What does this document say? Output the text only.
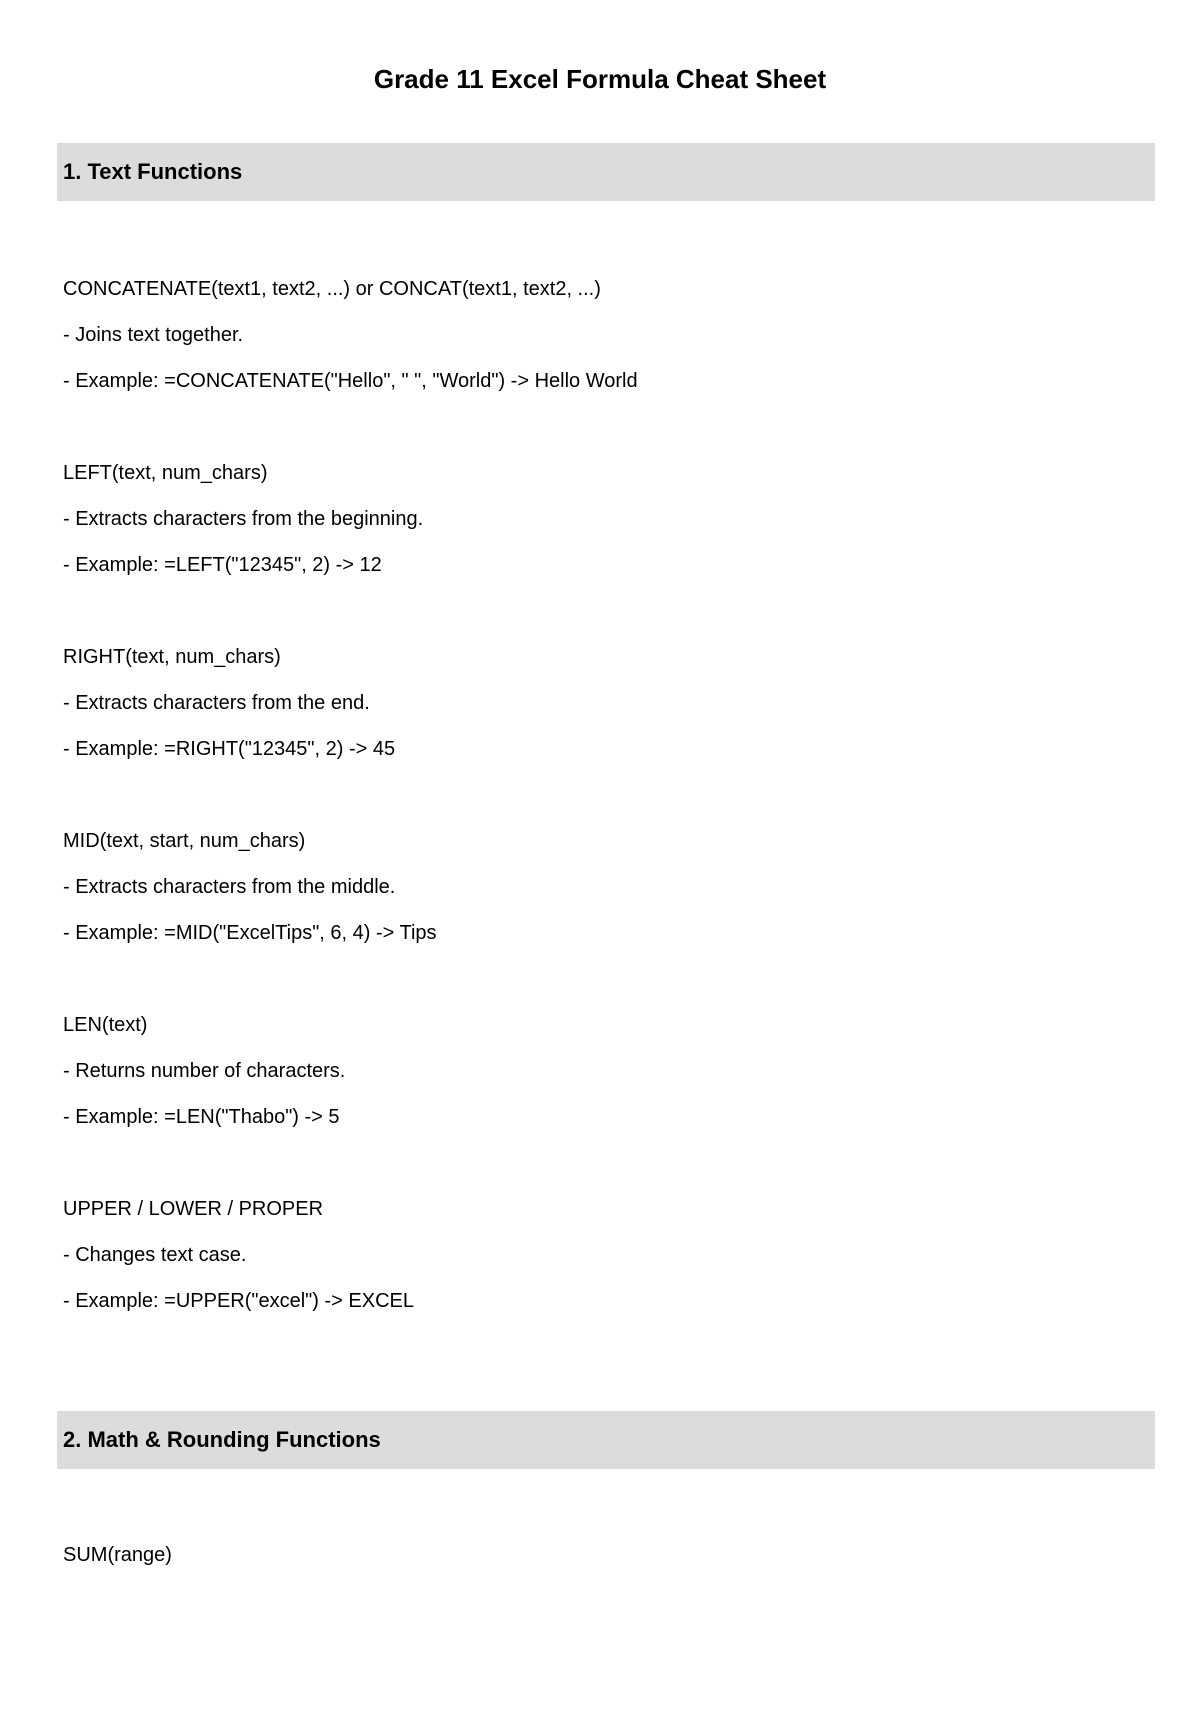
Grade 11 Excel Formula Cheat Sheet
1. Text Functions
CONCATENATE(text1, text2, ...) or CONCAT(text1, text2, ...)
- Joins text together.
- Example: =CONCATENATE("Hello", " ", "World") -> Hello World
LEFT(text, num_chars)
- Extracts characters from the beginning.
- Example: =LEFT("12345", 2) -> 12
RIGHT(text, num_chars)
- Extracts characters from the end.
- Example: =RIGHT("12345", 2) -> 45
MID(text, start, num_chars)
- Extracts characters from the middle.
- Example: =MID("ExcelTips", 6, 4) -> Tips
LEN(text)
- Returns number of characters.
- Example: =LEN("Thabo") -> 5
UPPER / LOWER / PROPER
- Changes text case.
- Example: =UPPER("excel") -> EXCEL
2. Math & Rounding Functions
SUM(range)
